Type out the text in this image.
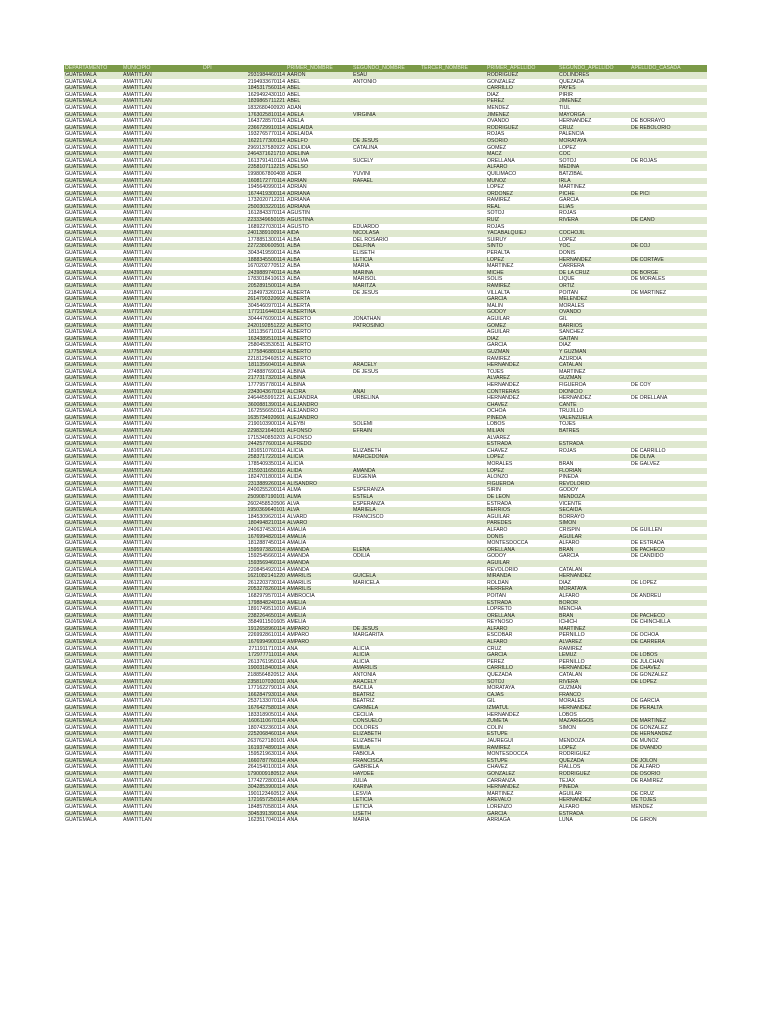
DEPARTAMENTO	MUNICIPIO	DPI	PRIMER_NOMBRE	SEGUNDO_NOMBRE	TERCER_NOMBRE	PRIMER_APELLIDO	SEGUNDO_APELLIDO	APELLIDO_CASADA
GUATEMALA	AMATITLAN	2931984460114	AARON	ESAU		RODRIGUEZ	COLINDRES	
GUATEMALA	AMATITLAN	2194933670114	ABEL	ANTONIO		GONZALEZ	QUEZADA	
GUATEMALA	AMATITLAN	1845317560114	ABEL			CARRILLO	PAYES	
GUATEMALA	AMATITLAN	1629492430110	ABEL			DIAZ	PIRIR	
GUATEMALA	AMATITLAN	1839865711221	ABEL			PEREZ	JIMENEZ	
GUATEMALA	AMATITLAN	1832680400920	ADAN			MENDEZ	TIUL	
GUATEMALA	AMATITLAN	1763025810114	ADELA	VIRGINIA		JIMENEZ	MAYORGA	
GUATEMALA	AMATITLAN	1643728570114	ADELA			OVANDO	HERNANDEZ	DE BORRAYO
GUATEMALA	AMATITLAN	2366729910114	ADELAIDA			RODRIGUEZ	CRUZ	DE REBOLORIO
GUATEMALA	AMATITLAN	1932765770114	ADELAIDA			ROJAS	PALENCIA	
GUATEMALA	AMATITLAN	1622177300114	ADELFO	DE JESUS		OSORIO	MORATAYA	
GUATEMALA	AMATITLAN	2969137580922	ADELIDIA	CATALINA		GOMEZ	LOPEZ	
GUATEMALA	AMATITLAN	2464371621710	ADELINA			MACZ	COC	
GUATEMALA	AMATITLAN	1613791410114	ADELMA	SUCELY		ORELLANA	SOTOJ	DE ROJAS
GUATEMALA	AMATITLAN	2358107112215	ADELSO			ALFARO	MEDINA	
GUATEMALA	AMATITLAN	1998067800408	ADER	YUVINI		QUILIMACO	BATZIBAL	
GUATEMALA	AMATITLAN	1608172770114	ADRIAN	RAFAEL		MUÑOZ	IRLA	
GUATEMALA	AMATITLAN	1945640990114	ADRIAN			LOPEZ	MARTINEZ	
GUATEMALA	AMATITLAN	1674419300114	ADRIANA			ORDOÑEZ	PICHE	DE PICI
GUATEMALA	AMATITLAN	1732020712211	ADRIANA			RAMIREZ	GARCIA	
GUATEMALA	AMATITLAN	2500303220116	ADRIANA			REAL	ELIAS	
GUATEMALA	AMATITLAN	1612843370114	AGUSTIN			SOTOJ	ROJAS	
GUATEMALA	AMATITLAN	2233349650105	AGUSTINA			RUIZ	RIVERA	DE CANO
GUATEMALA	AMATITLAN	1689227030114	AGUSTO	EDUARDO		ROJAS		
GUATEMALA	AMATITLAN	2401389100914	AIDA	NICOLASA		YACABALQUIEJ	COCHOJIL	
GUATEMALA	AMATITLAN	1778851300114	ALBA	DEL ROSARIO		SUIRUY	LOPEZ	
GUATEMALA	AMATITLAN	2272380600501	ALBA	DELFINA		SINTO	YOC	DE COJ
GUATEMALA	AMATITLAN	3043419590114	ALBA	ELISETH		PERALTA	DONIS	
GUATEMALA	AMATITLAN	1888345500114	ALBA	LETICIA		LOPEZ	HERNANDEZ	DE CORTAVE
GUATEMALA	AMATITLAN	1670202770512	ALBA	MARIA		MARTINEZ	CARRERA	
GUATEMALA	AMATITLAN	2439889740114	ALBA	MARINA		MICHE	DE LA CRUZ	DE BORGE
GUATEMALA	AMATITLAN	1783018410613	ALBA	MARISOL		SOLIS	LIQUE	DE MORALES
GUATEMALA	AMATITLAN	2052891500114	ALBA	MARITZA		RAMIREZ	ORTIZ	
GUATEMALA	AMATITLAN	2184973260114	ALBERTA	DE JESUS		VILLALTA	POITAN	DE MARTINEZ
GUATEMALA	AMATITLAN	2614790320602	ALBERTA			GARCIA	MELENDEZ	
GUATEMALA	AMATITLAN	3045460970114	ALBERTA			MALIN	MORALES	
GUATEMALA	AMATITLAN	1772116440114	ALBERTINA			GODOY	OVANDO	
GUATEMALA	AMATITLAN	3044476090114	ALBERTO	JONATHAN		AGUILAR	GIL	
GUATEMALA	AMATITLAN	2420192851222	ALBERTO	PATROSINIO		GOMEZ	BARRIOS	
GUATEMALA	AMATITLAN	1811356710114	ALBERTO			AGUILAR	SANCHEZ	
GUATEMALA	AMATITLAN	1634389510114	ALBERTO			DIAZ	GAITAN	
GUATEMALA	AMATITLAN	2580453530511	ALBERTO			GARCIA	DIAZ	
GUATEMALA	AMATITLAN	1775846880114	ALBERTO			GUZMAN	Y GUZMAN	
GUATEMALA	AMATITLAN	2218129460512	ALBERTO			RAMIREZ	AZURDIA	
GUATEMALA	AMATITLAN	1811356040114	ALBINA	ARACELY		HERNANDEZ	CATALAN	
GUATEMALA	AMATITLAN	2748887690114	ALBINA	DE JESUS		TOJES	MARTINEZ	
GUATEMALA	AMATITLAN	2177317320114	ALBINA			ALVAREZ	GUZMAN	
GUATEMALA	AMATITLAN	1777957780114	ALBINA			HERNANDEZ	FIGUEROA	DE COY
GUATEMALA	AMATITLAN	2343043670114	ALCIRA	ANAI		CONTRERAS	DIONICIO	
GUATEMALA	AMATITLAN	2464455991221	ALEJANDRA	URBELINA		HERNANDEZ	HERNANDEZ	DE ORELLANA
GUATEMALA	AMATITLAN	3600881390114	ALEJANDRO			CHAVEZ	CANTE	
GUATEMALA	AMATITLAN	1672556650114	ALEJANDRO			OCHOA	TRUJILLO	
GUATEMALA	AMATITLAN	1635734920601	ALEJANDRO			PINEDA	VALENZUELA	
GUATEMALA	AMATITLAN	2190103900114	ALEYBI	SOLEMI		LOBOS	TOJES	
GUATEMALA	AMATITLAN	2298321640101	ALFONSO	EFRAIN		MILIAN	BATRES	
GUATEMALA	AMATITLAN	1715340850203	ALFONSO			ALVAREZ		
GUATEMALA	AMATITLAN	2442577600114	ALFREDO			ESTRADA	ESTRADA	
GUATEMALA	AMATITLAN	1816510760114	ALICIA	ELIZABETH		CHAVEZ	ROJAS	DE CARRILLO
GUATEMALA	AMATITLAN	2583717220114	ALICIA	MARCEDONIA		LOPEZ		DE OLIVA
GUATEMALA	AMATITLAN	1785409350114	ALICIA			MORALES	BRAN	DE GALVEZ
GUATEMALA	AMATITLAN	2159311650116	ALIDA	AMANDA		LOPEZ	FLORIAN	
GUATEMALA	AMATITLAN	1824701800114	ALIDA	EUGENIA		ALONZO	PINEDA	
GUATEMALA	AMATITLAN	2313889260114	ALISANDRO			FIGUEROA	REVOLORIO	
GUATEMALA	AMATITLAN	2400255200114	ALMA	ESPERANZA		SIRIN	GODOY	
GUATEMALA	AMATITLAN	2509087190101	ALMA	ESTELA		DE LEON	MENDOZA	
GUATEMALA	AMATITLAN	2602458520506	ALVA	ESPERANZA		ESTRADA	VICENTE	
GUATEMALA	AMATITLAN	1950369640101	ALVA	MARIELA		BERRIOS	SECAIDA	
GUATEMALA	AMATITLAN	1845309620114	ALVARD	FRANCISCO		AGUILAR	BORRAYO	
GUATEMALA	AMATITLAN	1804948210114	ALVARO			PAREDES	SIMON	
GUATEMALA	AMATITLAN	2406374530114	AMALIA			ALFARO	CRISPIN	DE GUILLEN
GUATEMALA	AMATITLAN	1676994820114	AMALIA			DONIS	AGUILAR	
GUATEMALA	AMATITLAN	1812887450114	AMALIA			MONTESDOCCA	ALFARO	DE ESTRADA
GUATEMALA	AMATITLAN	1595973820114	AMANDA	ELENA		ORELLANA	BRAN	DE PACHECO
GUATEMALA	AMATITLAN	1592545660114	AMANDA	ODILIA		GODOY	GARCIA	DE CANDIDO
GUATEMALA	AMATITLAN	1593569460114	AMANDA			AGUILAR		
GUATEMALA	AMATITLAN	2208454920114	AMANDA			REVOLORIO	CATALAN	
GUATEMALA	AMATITLAN	1621082141220	AMARILIS	GUICELA		MIRANDA	HERNANDEZ	
GUATEMALA	AMATITLAN	2612203730114	AMARILIS	MARICELA		ROLDAN	DIAZ	DE LOPEZ
GUATEMALA	AMATITLAN	2053278260114	AMARILIS			HERRERA	MORATAYA	
GUATEMALA	AMATITLAN	1682979570114	AMBROCIA			POITAN	ALFARO	DE ANDREU
GUATEMALA	AMATITLAN	1798848240114	AMELIA			ESTRADA	BOROR	
GUATEMALA	AMATITLAN	1891749511010	AMELIA			LOPRETO	MENCHA	
GUATEMALA	AMATITLAN	2382264650114	AMELIA			ORELLANA	BRAN	DE PACHECO
GUATEMALA	AMATITLAN	3584911501605	AMELIA			REYNOSO	ICHICH	DE CHINCHILLA
GUATEMALA	AMATITLAN	1912658960114	AMPARO	DE JESUS		ALFARO	MARTINEZ	
GUATEMALA	AMATITLAN	2269928610114	AMPARO	MARGARITA		ESCOBAR	PERNILLO	DE OCHOA
GUATEMALA	AMATITLAN	1676994900114	AMPARO			ALFARO	ALVAREZ	DE CARRERA
GUATEMALA	AMATITLAN	2711911710114	ANA	ALICIA		CRUZ	RAMIREZ	
GUATEMALA	AMATITLAN	1729777110114	ANA	ALICIA		GARCIA	LEMUZ	DE LOBOS
GUATEMALA	AMATITLAN	2613761950114	ANA	ALICIA		PEREZ	PERNILLO	DE JULCHAN
GUATEMALA	AMATITLAN	1900318400114	ANA	AMARILIS		CARRILLO	HERNANDEZ	DE CHAVEZ
GUATEMALA	AMATITLAN	2188564820512	ANA	ANTONIA		QUEZADA	CATALAN	DE GONZALEZ
GUATEMALA	AMATITLAN	2358107030101	ANA	ARACELY		SOTOJ	RIVERA	DE LOPEZ
GUATEMALA	AMATITLAN	1771622790114	ANA	BACILIA		MORATAYA	GUZMAN	
GUATEMALA	AMATITLAN	1662847930114	ANA	BEATRIZ		CAJAS	FRANCO	
GUATEMALA	AMATITLAN	2537133070114	ANA	BEATRIZ		GIL	MORALES	DE GARCIA
GUATEMALA	AMATITLAN	1676427580114	ANA	CARMELA		IZMATUL	HERNANDEZ	DE PERALTA
GUATEMALA	AMATITLAN	1833189050114	ANA	CECILIA		HERNANDEZ	LOBOS	
GUATEMALA	AMATITLAN	1606110670114	ANA	CONSUELO		ZUMETA	MAZARIEGOS	DE MARTINEZ
GUATEMALA	AMATITLAN	1807432360114	ANA	DOLORES		COLIN	SIMON	DE GONZALEZ
GUATEMALA	AMATITLAN	2252068460114	ANA	ELIZABETH		ESTUPE		DE HERNANDEZ
GUATEMALA	AMATITLAN	2637627180101	ANA	ELIZABETH		JAUREGUI	MENDOZA	DE MUÑOZ
GUATEMALA	AMATITLAN	1619374890114	ANA	EMILIA		RAMIREZ	LOPEZ	DE OVANDO
GUATEMALA	AMATITLAN	1595219630114	ANA	FABIOLA		MONTESDOCCA	RODRIGUEZ	
GUATEMALA	AMATITLAN	1660787760114	ANA	FRANCISCA		ESTUPE	QUEZADA	DE JOLON
GUATEMALA	AMATITLAN	2641540100114	ANA	GABRIELA		CHAVEZ	FIALLOS	DE ALFARO
GUATEMALA	AMATITLAN	1790009180512	ANA	HAYDEE		GONZALEZ	RODRIGUEZ	DE OSORIO
GUATEMALA	AMATITLAN	1774272800114	ANA	JULIA		CARRANZA	TEJAX	DE RAMIREZ
GUATEMALA	AMATITLAN	3042853900114	ANA	KARINA		HERNANDEZ	PINEDA	
GUATEMALA	AMATITLAN	1901123460512	ANA	LESVIA		MARTINEZ	AGUILAR	DE CRUZ
GUATEMALA	AMATITLAN	1721657250114	ANA	LETICIA		AREVALO	HERNANDEZ	DE TOJES
GUATEMALA	AMATITLAN	1848570580114	ANA	LETICIA		LORENZO	ALFARO	MENDEZ
GUATEMALA	AMATITLAN	3045391390114	ANA	LISETH		GARCIA	ESTRADA	
GUATEMALA	AMATITLAN	1623517040114	ANA	MARIA		ARRIAGA	LUNA	DE GIRON
